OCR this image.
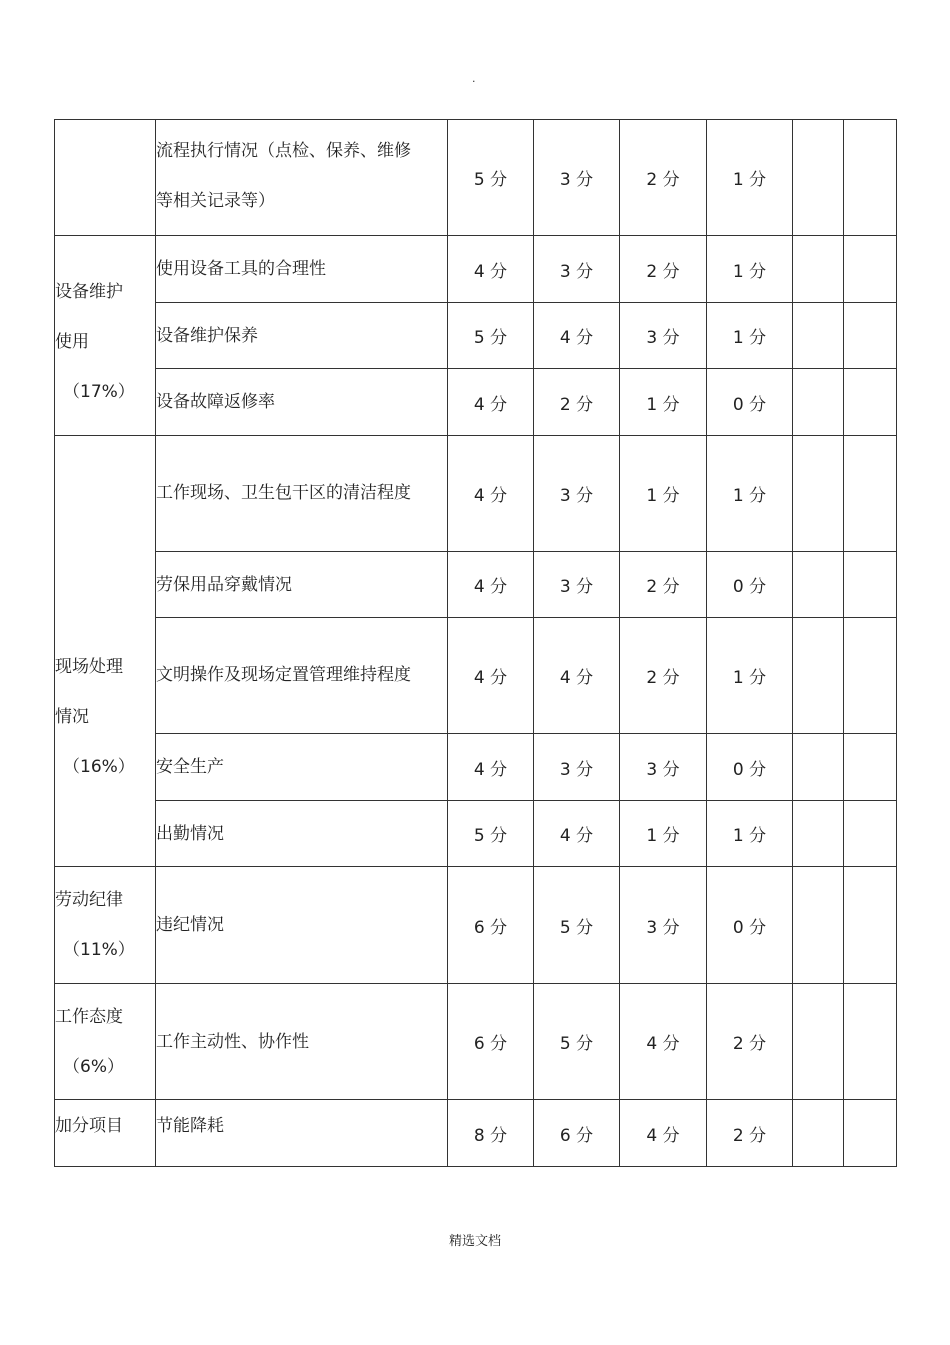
.

	流程执行情况（点检、保养、维修等相关记录等）	5 分	3 分	2 分	1 分		

设备维护
使用
（17%）	使用设备工具的合理性	4 分	3 分	2 分	1 分		

	设备维护保养	5 分	4 分	3 分	1 分		

	设备故障返修率	4 分	2 分	1 分	0 分		

现场处理
情况
（16%）	工作现场、卫生包干区的清洁程度	4 分	3 分	1 分	1 分		

	劳保用品穿戴情况	4 分	3 分	2 分	0 分		

	文明操作及现场定置管理维持程度	4 分	4 分	2 分	1 分		

	安全生产	4 分	3 分	3 分	0 分		

	出勤情况	5 分	4 分	1 分	1 分		

劳动纪律
（11%）	违纪情况	6 分	5 分	3 分	0 分		

工作态度
（6%）	工作主动性、协作性	6 分	5 分	4 分	2 分		

加分项目	节能降耗	8 分	6 分	4 分	2 分		
精选文档
